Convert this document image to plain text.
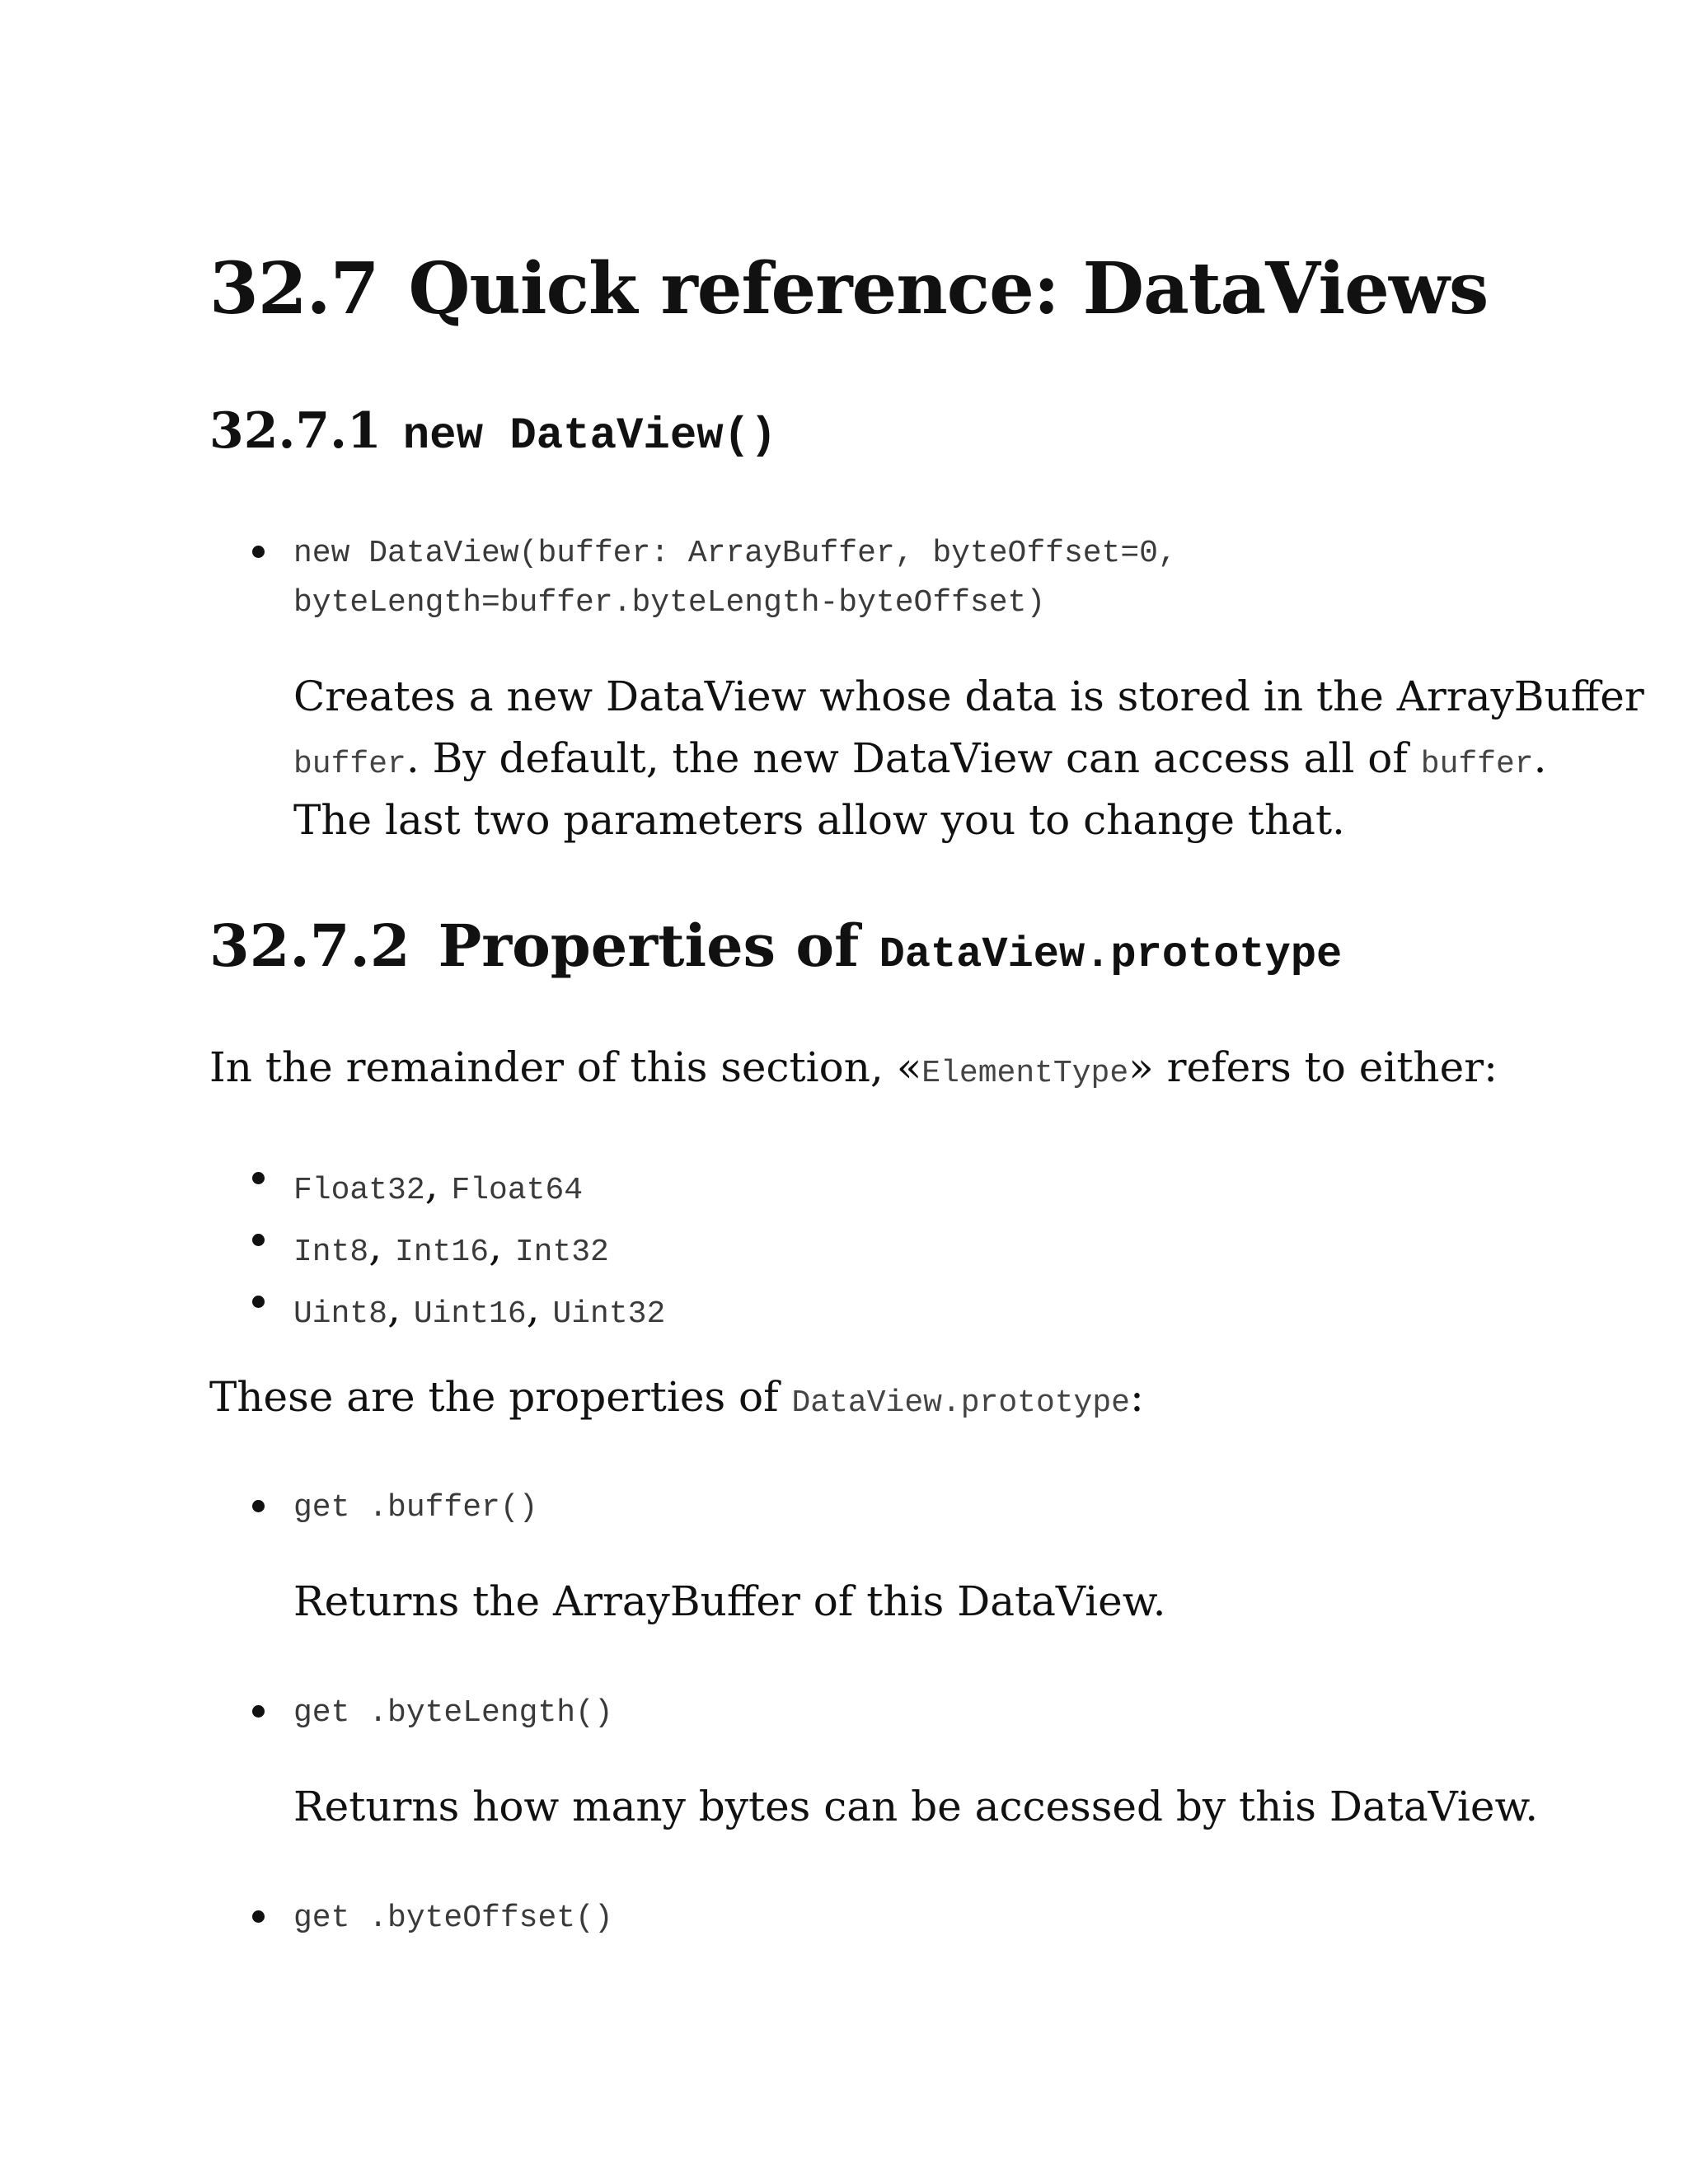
32.7 Quick reference: DataViews
32.7.1 new DataView()
new DataView(buffer: ArrayBuffer, byteOffset=0,
byteLength=buffer.byteLength-byteOffset)
Creates a new DataView whose data is stored in the ArrayBuffer
buffer. By default, the new DataView can access all of buffer.
The last two parameters allow you to change that.
32.7.2 Properties of DataView.prototype
In the remainder of this section, «ElementType» refers to either:
Float32, Float64
Int8, Int16, Int32
Uint8, Uint16, Uint32
These are the properties of DataView.prototype:
get .buffer()
Returns the ArrayBuffer of this DataView.
get .byteLength()
Returns how many bytes can be accessed by this DataView.
get .byteOffset()
